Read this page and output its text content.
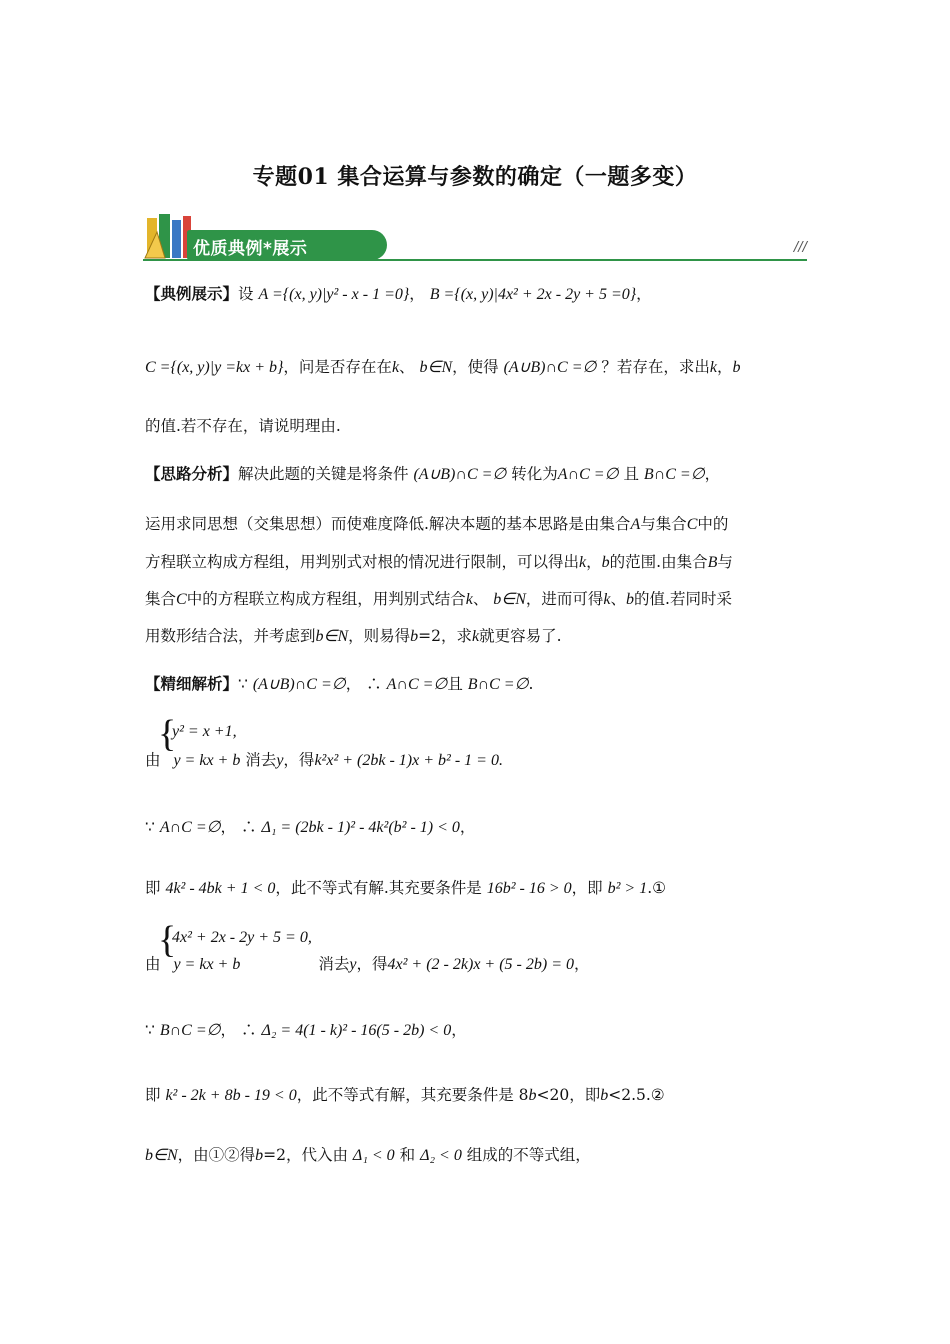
专题01 集合运算与参数的确定（一题多变）
优质典例*展示	///
【典例展示】设 A ={(x, y)|y² - x - 1 =0}， B ={(x, y)|4x² + 2x - 2y + 5 =0}，
C ={(x, y)|y =kx + b}，问是否存在在k、 b∈N，使得 (A∪B)∩C =∅ ？若存在，求出k，b
的值.若不存在，请说明理由.
【思路分析】解决此题的关键是将条件 (A∪B)∩C =∅ 转化为A∩C =∅ 且 B∩C =∅，
运用求同思想（交集思想）而使难度降低.解决本题的基本思路是由集合A与集合C中的
方程联立构成方程组，用判别式对根的情况进行限制，可以得出k，b的范围.由集合B与
集合C中的方程联立构成方程组，用判别式结合k、 b∈N，进而可得k、b的值.若同时采
用数形结合法，并考虑到b∈N，则易得b=2，求k就更容易了.
【精细解析】∵ (A∪B)∩C =∅， ∴ A∩C =∅且 B∩C =∅.
{
y² = x +1,
由 y = kx + b 消去y，得k²x² + (2bk - 1)x + b² - 1 = 0.
∵ A∩C =∅， ∴ Δ₁ = (2bk - 1)² - 4k²(b² - 1) < 0，
即 4k² - 4bk + 1 < 0，此不等式有解.其充要条件是 16b² - 16 > 0，即 b² > 1.①
{
4x² + 2x - 2y + 5 = 0,
由 y = kx + b	消去y，得4x² + (2 - 2k)x + (5 - 2b) = 0，
∵ B∩C =∅， ∴ Δ₂ = 4(1 - k)² - 16(5 - 2b) < 0，
即 k² - 2k + 8b - 19 < 0，此不等式有解，其充要条件是 8b<20，即b<2.5.②
b∈N，由①②得b=2，代入由 Δ₁ < 0 和 Δ₂ < 0 组成的不等式组，
